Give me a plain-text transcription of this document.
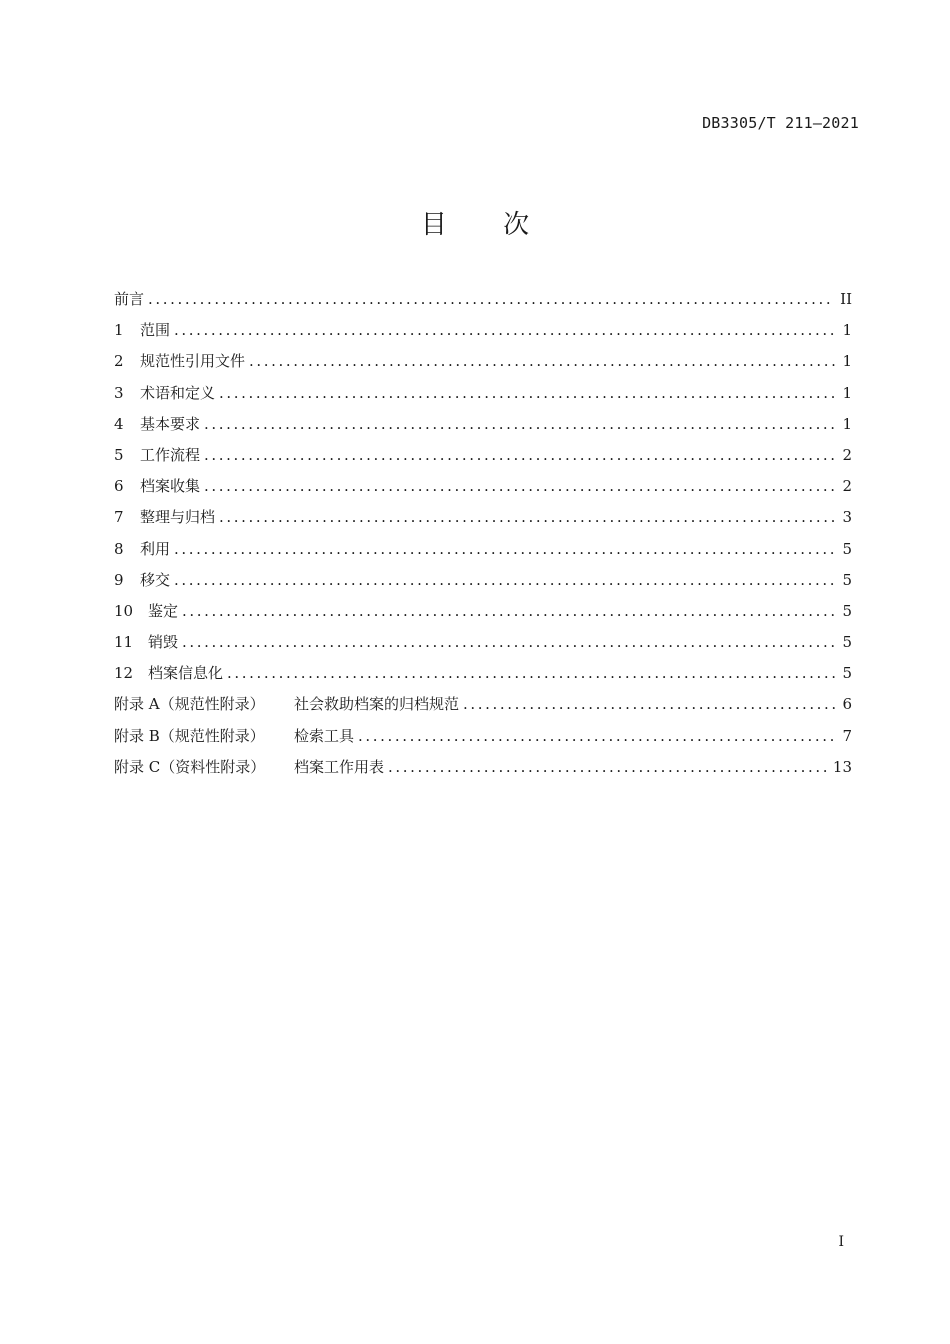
DB3305/T 211—2021
目 次
前言 .....	II
1	范围 .....	1
2	规范性引用文件 .....	1
3	术语和定义 .....	1
4	基本要求 .....	1
5	工作流程 .....	2
6	档案收集 .....	2
7	整理与归档 .....	3
8	利用 .....	5
9	移交 .....	5
10 鉴定 .....	5
11 销毁 .....	5
12 档案信息化 .....	5
附录 A（规范性附录）	社会救助档案的归档规范 .....	6
附录 B（规范性附录）	检索工具 .....	7
附录 C（资料性附录）	档案工作用表 .....	13
I
